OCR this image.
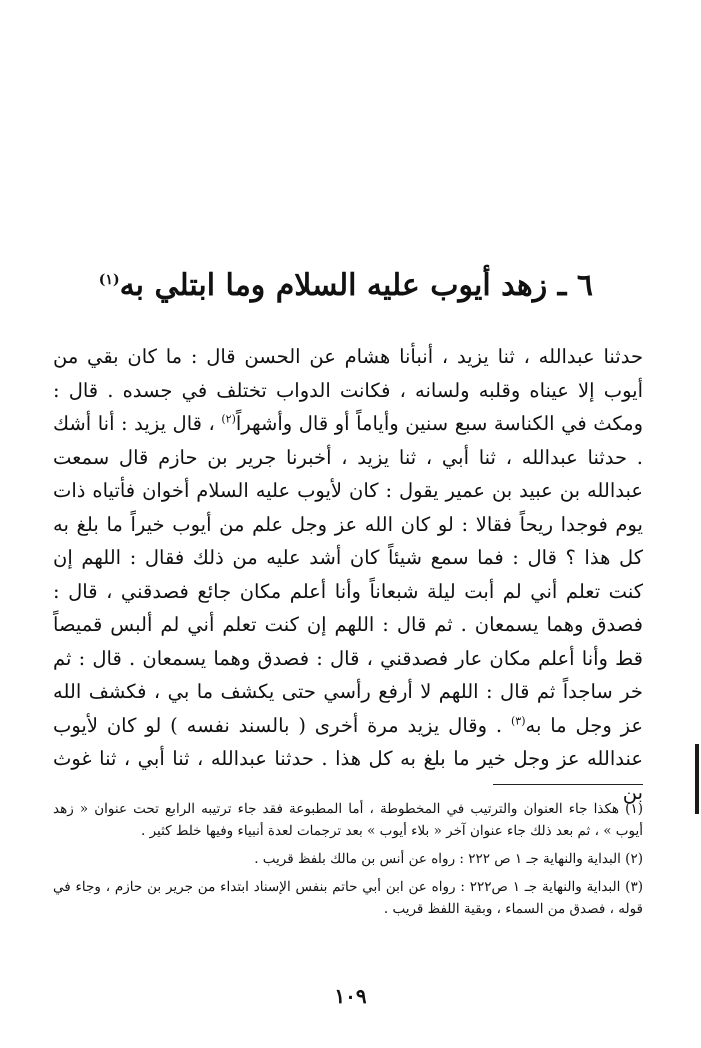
٦ ـ زهد أيوب عليه السلام وما ابتلي به$^{(١)}$

حدثنا عبدالله ، ثنا يزيد ، أنبأنا هشام عن الحسن قال : ما كان بقي من أيوب إلا عيناه وقلبه ولسانه ، فكانت الدواب تختلف في جسده . قال : ومكث في الكناسة سبع سنين وأياماً أو قال وأشهراً$^{(٢)}$ ، قال يزيد : أنا أشك . حدثنا عبدالله ، ثنا أبي ، ثنا يزيد ، أخبرنا جرير بن حازم قال سمعت عبدالله بن عبيد بن عمير يقول : كان لأيوب عليه السلام أخوان فأتياه ذات يوم فوجدا ريحاً فقالا : لو كان الله عز وجل علم من أيوب خيراً ما بلغ به كل هذا ؟ قال : فما سمع شيئاً كان أشد عليه من ذلك فقال : اللهم إن كنت تعلم أني لم أبت ليلة شبعاناً وأنا أعلم مكان جائع فصدقني ، قال : فصدق وهما يسمعان . ثم قال : اللهم إن كنت تعلم أني لم ألبس قميصاً قط وأنا أعلم مكان عار فصدقني ، قال : فصدق وهما يسمعان . قال : ثم خر ساجداً ثم قال : اللهم لا أرفع رأسي حتى يكشف ما بي ، فكشف الله عز وجل ما به$^{(٣)}$ . وقال يزيد مرة أخرى ( بالسند نفسه ) لو كان لأيوب عندالله عز وجل خير ما بلغ به كل هذا . حدثنا عبدالله ، ثنا أبي ، ثنا غوث بن

(١) هكذا جاء العنوان والترتيب في المخطوطة ، أما المطبوعة فقد جاء ترتيبه الرابع تحت عنوان « زهد أيوب » ، ثم بعد ذلك جاء عنوان آخر « بلاء أيوب » بعد ترجمات لعدة أنبياء وفيها خلط كثير .

(٢) البداية والنهاية جـ ١ ص ٢٢٢ : رواه عن أنس بن مالك بلفظ قريب .

(٣) البداية والنهاية جـ ١ ص٢٢٢ : رواه عن ابن أبي حاتم بنفس الإسناد ابتداء من جرير بن حازم ، وجاء في قوله ، فصدق من السماء ، وبقية اللفظ قريب .

١٠٩
